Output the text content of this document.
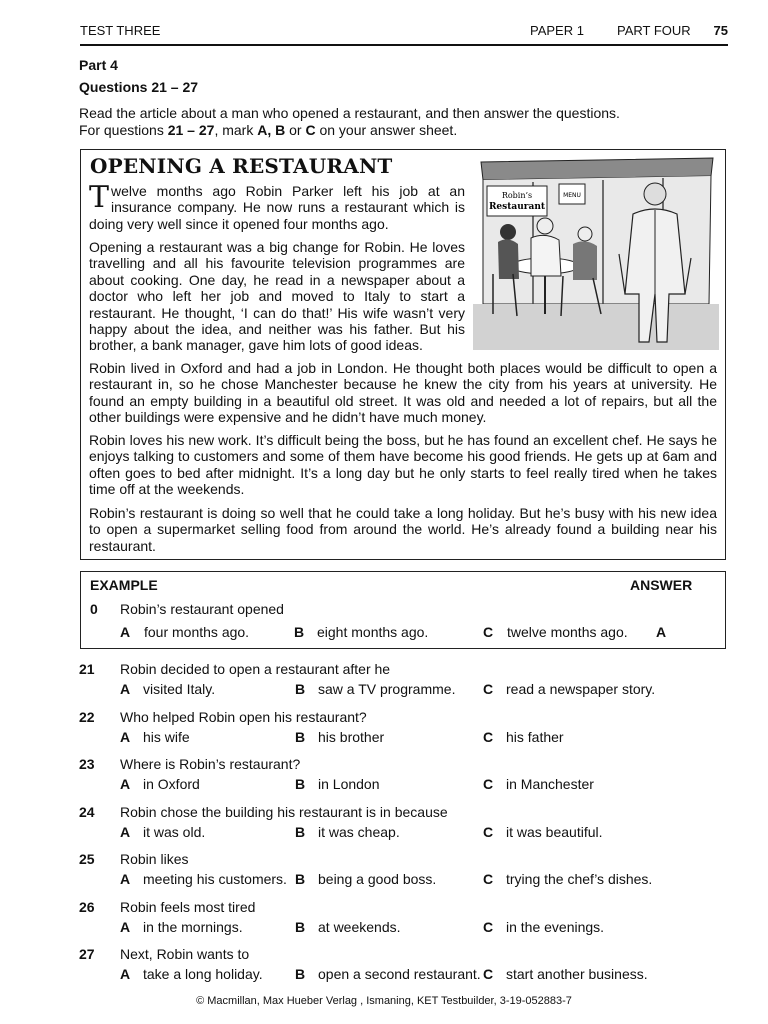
TEST THREE	PAPER 1	PART FOUR 75
Part 4
Questions 21 – 27
Read the article about a man who opened a restaurant, and then answer the questions.
For questions 21 – 27, mark A, B or C on your answer sheet.
OPENING A RESTAURANT
Robin’s
Restaurant
MENU
Twelve months ago Robin Parker left his job at an insurance company. He now runs a restaurant which is doing very well since it opened four months ago.
Opening a restaurant was a big change for Robin. He loves travelling and all his favourite television programmes are about cooking. One day, he read in a newspaper about a doctor who left her job and moved to Italy to start a restaurant. He thought, ‘I can do that!’ His wife wasn’t very happy about the idea, and neither was his father. But his brother, a bank manager, gave him lots of good ideas.
Robin lived in Oxford and had a job in London. He thought both places would be difficult to open a restaurant in, so he chose Manchester because he knew the city from his years at university. He found an empty building in a beautiful old street. It was old and needed a lot of repairs, but all the other buildings were expensive and he didn’t have much money.
Robin loves his new work. It’s difficult being the boss, but he has found an excellent chef. He says he enjoys talking to customers and some of them have become his good friends. He gets up at 6am and often goes to bed after midnight. It’s a long day but he only starts to feel really tired when he takes time off at the weekends.
Robin’s restaurant is doing so well that he could take a long holiday. But he’s busy with his new idea to open a supermarket selling food from around the world. He’s already found a building near his restaurant.
EXAMPLE	ANSWER
0 Robin’s restaurant opened
A four months ago.	B eight months ago.	C twelve months ago. A
21 Robin decided to open a restaurant after he
A visited Italy.	B saw a TV programme. C read a newspaper story.
22 Who helped Robin open his restaurant?
A his wife	B his brother	C his father
23 Where is Robin’s restaurant?
A in Oxford	B in London	C in Manchester
24 Robin chose the building his restaurant is in because
A it was old.	B it was cheap.	C it was beautiful.
25 Robin likes
A meeting his customers. B being a good boss.	C trying the chef’s dishes.
26 Robin feels most tired
A in the mornings.	B at weekends.	C in the evenings.
27 Next, Robin wants to
A take a long holiday. B open a second restaurant. C start another business.
© Macmillan, Max Hueber Verlag , Ismaning, KET Testbuilder, 3-19-052883-7
